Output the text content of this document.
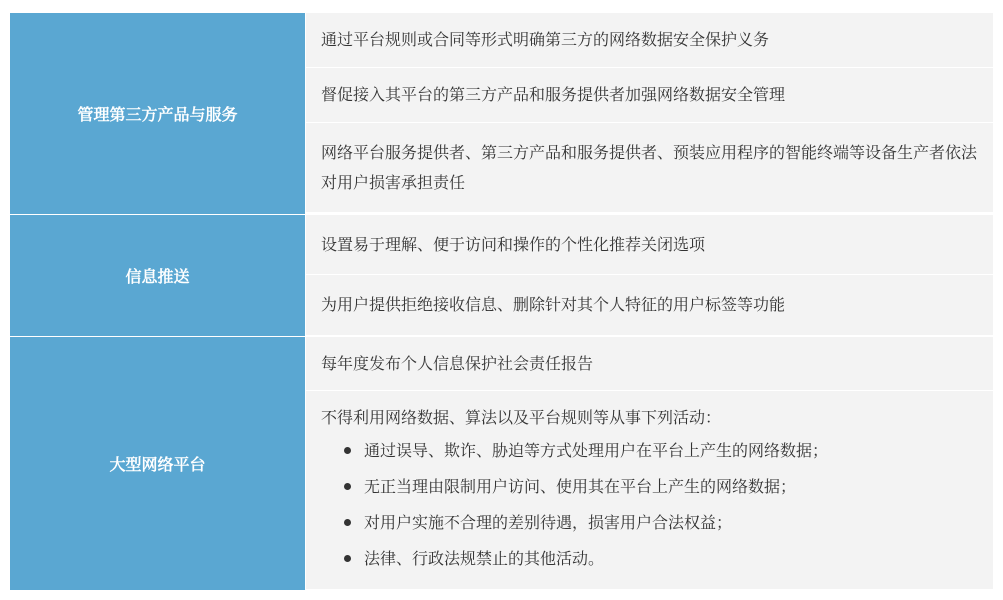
管理第三方产品与服务
通过平台规则或合同等形式明确第三方的网络数据安全保护义务
督促接入其平台的第三方产品和服务提供者加强网络数据安全管理
网络平台服务提供者、第三方产品和服务提供者、预装应用程序的智能终端等设备生产者依法对用户损害承担责任
信息推送
设置易于理解、便于访问和操作的个性化推荐关闭选项
为用户提供拒绝接收信息、删除针对其个人特征的用户标签等功能
大型网络平台
每年度发布个人信息保护社会责任报告
不得利用网络数据、算法以及平台规则等从事下列活动：
通过误导、欺诈、胁迫等方式处理用户在平台上产生的网络数据；
无正当理由限制用户访问、使用其在平台上产生的网络数据；
对用户实施不合理的差别待遇，损害用户合法权益；
法律、行政法规禁止的其他活动。
